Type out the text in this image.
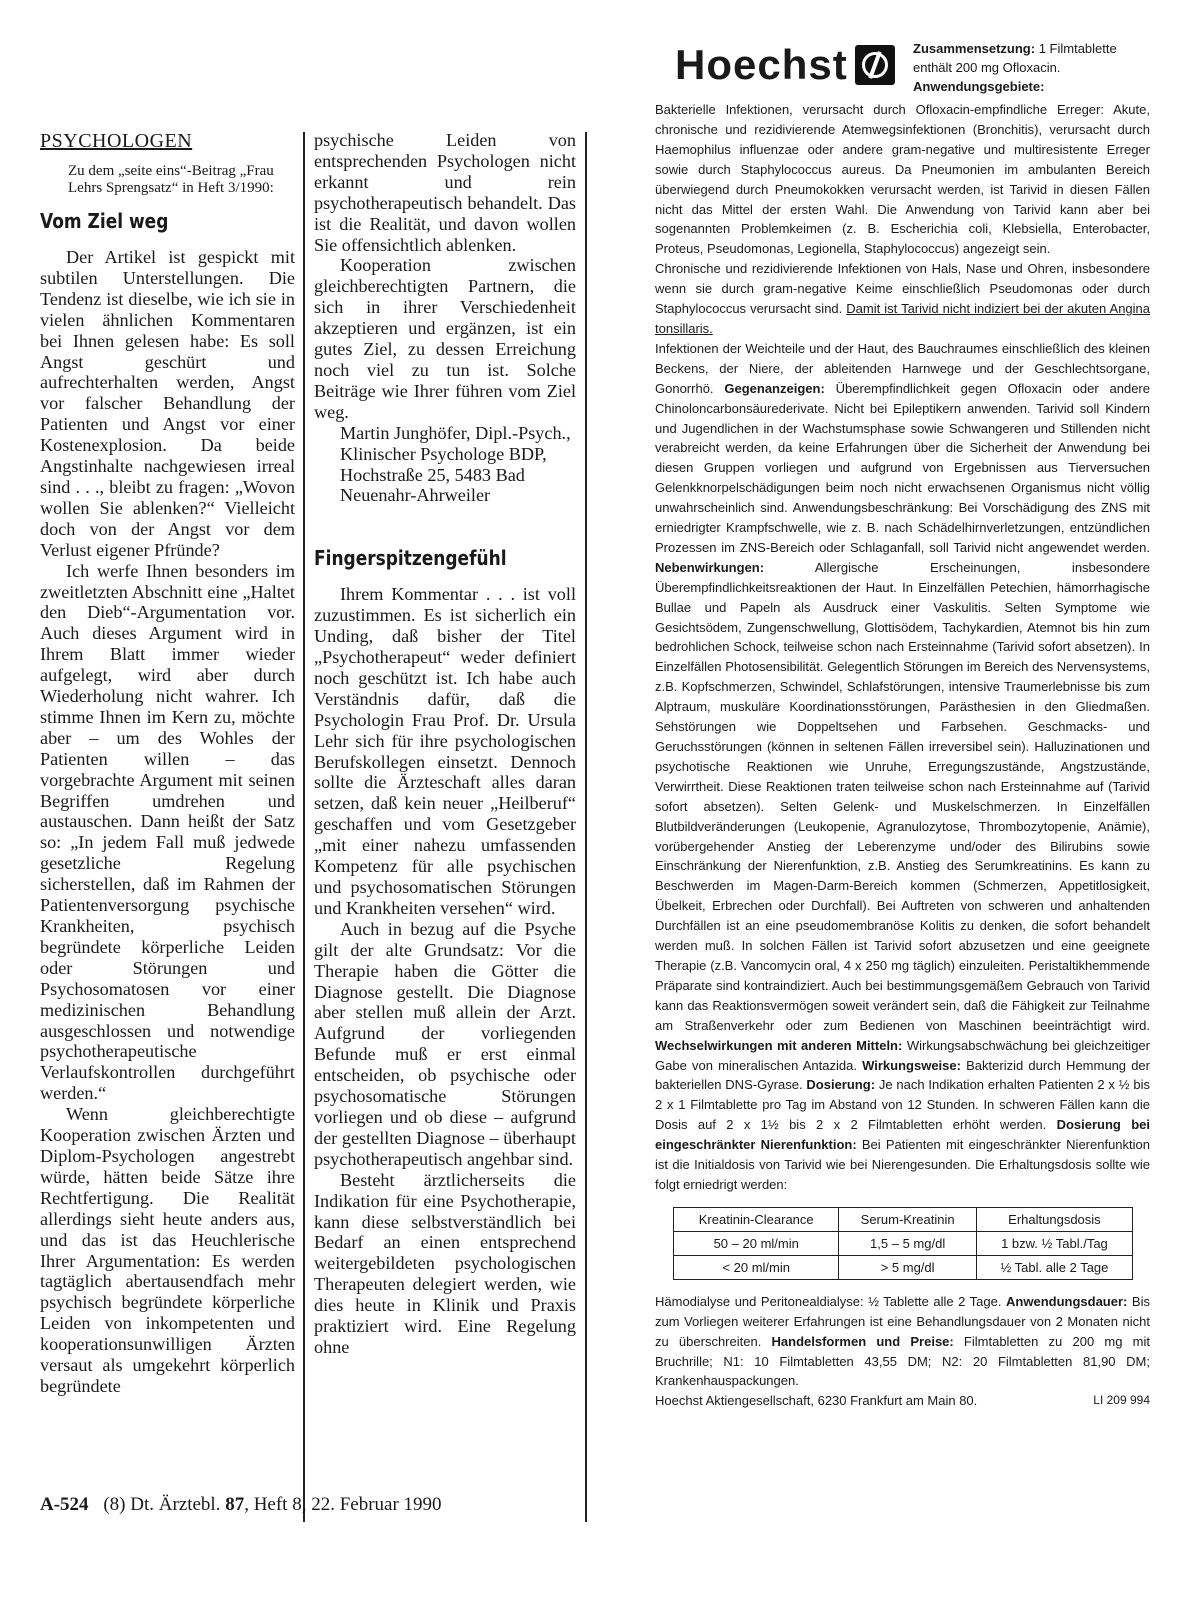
PSYCHOLOGEN

Zu dem „seite eins“-Beitrag „Frau Lehrs Sprengsatz“ in Heft 3/1990:

Vom Ziel weg

Der Artikel ist gespickt mit subtilen Unterstellungen. Die Tendenz ist dieselbe, wie ich sie in vielen ähnlichen Kommentaren bei Ihnen gelesen habe: Es soll Angst geschürt und aufrechterhalten werden, Angst vor falscher Behandlung der Patienten und Angst vor einer Kostenexplosion. Da beide Angstinhalte nachgewiesen irreal sind . . ., bleibt zu fragen: „Wovon wollen Sie ablenken?“ Vielleicht doch von der Angst vor dem Verlust eigener Pfründe?

Ich werfe Ihnen besonders im zweitletzten Abschnitt eine „Haltet den Dieb“-Argumentation vor. Auch dieses Argument wird in Ihrem Blatt immer wieder aufgelegt, wird aber durch Wiederholung nicht wahrer. Ich stimme Ihnen im Kern zu, möchte aber – um des Wohles der Patienten willen – das vorgebrachte Argument mit seinen Begriffen umdrehen und austauschen. Dann heißt der Satz so: „In jedem Fall muß jedwede gesetzliche Regelung sicherstellen, daß im Rahmen der Patientenversorgung psychische Krankheiten, psychisch begründete körperliche Leiden oder Störungen und Psychosomatosen vor einer medizinischen Behandlung ausgeschlossen und notwendige psychotherapeutische Verlaufskontrollen durchgeführt werden.“

Wenn gleichberechtigte Kooperation zwischen Ärzten und Diplom-Psychologen angestrebt würde, hätten beide Sätze ihre Rechtfertigung. Die Realität allerdings sieht heute anders aus, und das ist das Heuchlerische Ihrer Argumentation: Es werden tagtäglich abertausendfach mehr psychisch begründete körperliche Leiden von inkompetenten und kooperationsunwilligen Ärzten versaut als umgekehrt körperlich begründete

psychische Leiden von entsprechenden Psychologen nicht erkannt und rein psychotherapeutisch behandelt. Das ist die Realität, und davon wollen Sie offensichtlich ablenken.

Kooperation zwischen gleichberechtigten Partnern, die sich in ihrer Verschiedenheit akzeptieren und ergänzen, ist ein gutes Ziel, zu dessen Erreichung noch viel zu tun ist. Solche Beiträge wie Ihrer führen vom Ziel weg.

Martin Junghöfer, Dipl.-Psych., Klinischer Psychologe BDP, Hochstraße 25, 5483 Bad Neuenahr-Ahrweiler

Fingerspitzengefühl

Ihrem Kommentar . . . ist voll zuzustimmen. Es ist sicherlich ein Unding, daß bisher der Titel „Psychotherapeut“ weder definiert noch geschützt ist. Ich habe auch Verständnis dafür, daß die Psychologin Frau Prof. Dr. Ursula Lehr sich für ihre psychologischen Berufskollegen einsetzt. Dennoch sollte die Ärzteschaft alles daran setzen, daß kein neuer „Heilberuf“ geschaffen und vom Gesetzgeber „mit einer nahezu umfassenden Kompetenz für alle psychischen und psychosomatischen Störungen und Krankheiten versehen“ wird.

Auch in bezug auf die Psyche gilt der alte Grundsatz: Vor die Therapie haben die Götter die Diagnose gestellt. Die Diagnose aber stellen muß allein der Arzt. Aufgrund der vorliegenden Befunde muß er erst einmal entscheiden, ob psychische oder psychosomatische Störungen vorliegen und ob diese – aufgrund der gestellten Diagnose – überhaupt psychotherapeutisch angehbar sind.

Besteht ärztlicherseits die Indikation für eine Psychotherapie, kann diese selbstverständlich bei Bedarf an einen entsprechend weitergebildeten psychologischen Therapeuten delegiert werden, wie dies heute in Klinik und Praxis praktiziert wird. Eine Regelung ohne

A-524 (8) Dt. Ärztebl. 87, Heft 8, 22. Februar 1990
Hoechst	Zusammensetzung: 1 Filmtablette enthält 200 mg Ofloxacin. Anwendungsgebiete:

Bakterielle Infektionen, verursacht durch Ofloxacin-empfindliche Erreger: Akute, chronische und rezidivierende Atemwegsinfektionen (Bronchitis), verursacht durch Haemophilus influenzae oder andere gram-negative und multiresistente Erreger sowie durch Staphylococcus aureus. Da Pneumonien im ambulanten Bereich überwiegend durch Pneumokokken verursacht werden, ist Tarivid in diesen Fällen nicht das Mittel der ersten Wahl. Die Anwendung von Tarivid kann aber bei sogenannten Problemkeimen (z. B. Escherichia coli, Klebsiella, Enterobacter, Proteus, Pseudomonas, Legionella, Staphylococcus) angezeigt sein.

Chronische und rezidivierende Infektionen von Hals, Nase und Ohren, insbesondere wenn sie durch gram-negative Keime einschließlich Pseudomonas oder durch Staphylococcus verursacht sind. Damit ist Tarivid nicht indiziert bei der akuten Angina tonsillaris.

Infektionen der Weichteile und der Haut, des Bauchraumes einschließlich des kleinen Beckens, der Niere, der ableitenden Harnwege und der Geschlechtsorgane, Gonorrhö. Gegenanzeigen: Überempfindlichkeit gegen Ofloxacin oder andere Chinoloncarbonsäurederivate. Nicht bei Epileptikern anwenden. Tarivid soll Kindern und Jugendlichen in der Wachstumsphase sowie Schwangeren und Stillenden nicht verabreicht werden, da keine Erfahrungen über die Sicherheit der Anwendung bei diesen Gruppen vorliegen und aufgrund von Ergebnissen aus Tierversuchen Gelenkknorpelschädigungen beim noch nicht erwachsenen Organismus nicht völlig unwahrscheinlich sind. Anwendungsbeschränkung: Bei Vorschädigung des ZNS mit erniedrigter Krampfschwelle, wie z. B. nach Schädelhirnverletzungen, entzündlichen Prozessen im ZNS-Bereich oder Schlaganfall, soll Tarivid nicht angewendet werden. Nebenwirkungen: Allergische Erscheinungen, insbesondere Überempfindlichkeitsreaktionen der Haut. In Einzelfällen Petechien, hämorrhagische Bullae und Papeln als Ausdruck einer Vaskulitis. Selten Symptome wie Gesichtsödem, Zungenschwellung, Glottisödem, Tachykardien, Atemnot bis hin zum bedrohlichen Schock, teilweise schon nach Ersteinnahme (Tarivid sofort absetzen). In Einzelfällen Photosensibilität. Gelegentlich Störungen im Bereich des Nervensystems, z.B. Kopfschmerzen, Schwindel, Schlafstörungen, intensive Traumerlebnisse bis zum Alptraum, muskuläre Koordinationsstörungen, Parästhesien in den Gliedmaßen. Sehstörungen wie Doppeltsehen und Farbsehen. Geschmacks- und Geruchsstörungen (können in seltenen Fällen irreversibel sein). Halluzinationen und psychotische Reaktionen wie Unruhe, Erregungszustände, Angstzustände, Verwirrtheit. Diese Reaktionen traten teilweise schon nach Ersteinnahme auf (Tarivid sofort absetzen). Selten Gelenk- und Muskelschmerzen. In Einzelfällen Blutbildveränderungen (Leukopenie, Agranulozytose, Thrombozytopenie, Anämie), vorübergehender Anstieg der Leberenzyme und/oder des Bilirubins sowie Einschränkung der Nierenfunktion, z.B. Anstieg des Serumkreatinins. Es kann zu Beschwerden im Magen-Darm-Bereich kommen (Schmerzen, Appetitlosigkeit, Übelkeit, Erbrechen oder Durchfall). Bei Auftreten von schweren und anhaltenden Durchfällen ist an eine pseudomembranöse Kolitis zu denken, die sofort behandelt werden muß. In solchen Fällen ist Tarivid sofort abzusetzen und eine geeignete Therapie (z.B. Vancomycin oral, 4 x 250 mg täglich) einzuleiten. Peristaltikhemmende Präparate sind kontraindiziert. Auch bei bestimmungsgemäßem Gebrauch von Tarivid kann das Reaktionsvermögen soweit verändert sein, daß die Fähigkeit zur Teilnahme am Straßenverkehr oder zum Bedienen von Maschinen beeinträchtigt wird. Wechselwirkungen mit anderen Mitteln: Wirkungsabschwächung bei gleichzeitiger Gabe von mineralischen Antazida. Wirkungsweise: Bakterizid durch Hemmung der bakteriellen DNS-Gyrase. Dosierung: Je nach Indikation erhalten Patienten 2 x ½ bis 2 x 1 Filmtablette pro Tag im Abstand von 12 Stunden. In schweren Fällen kann die Dosis auf 2 x 1½ bis 2 x 2 Filmtabletten erhöht werden. Dosierung bei eingeschränkter Nierenfunktion: Bei Patienten mit eingeschränkter Nierenfunktion ist die Initialdosis von Tarivid wie bei Nierengesunden. Die Erhaltungsdosis sollte wie folgt erniedrigt werden:

Kreatinin-Clearance	Serum-Kreatinin	Erhaltungsdosis
50 – 20 ml/min	1,5 – 5 mg/dl	1 bzw. ½ Tabl./Tag
< 20 ml/min	> 5 mg/dl	½ Tabl. alle 2 Tage

Hämodialyse und Peritonealdialyse: ½ Tablette alle 2 Tage. Anwendungsdauer: Bis zum Vorliegen weiterer Erfahrungen ist eine Behandlungsdauer von 2 Monaten nicht zu überschreiten. Handelsformen und Preise: Filmtabletten zu 200 mg mit Bruchrille; N1: 10 Filmtabletten 43,55 DM; N2: 20 Filmtabletten 81,90 DM; Krankenhauspackungen.

Hoechst Aktiengesellschaft, 6230 Frankfurt am Main 80.	LI 209 994
